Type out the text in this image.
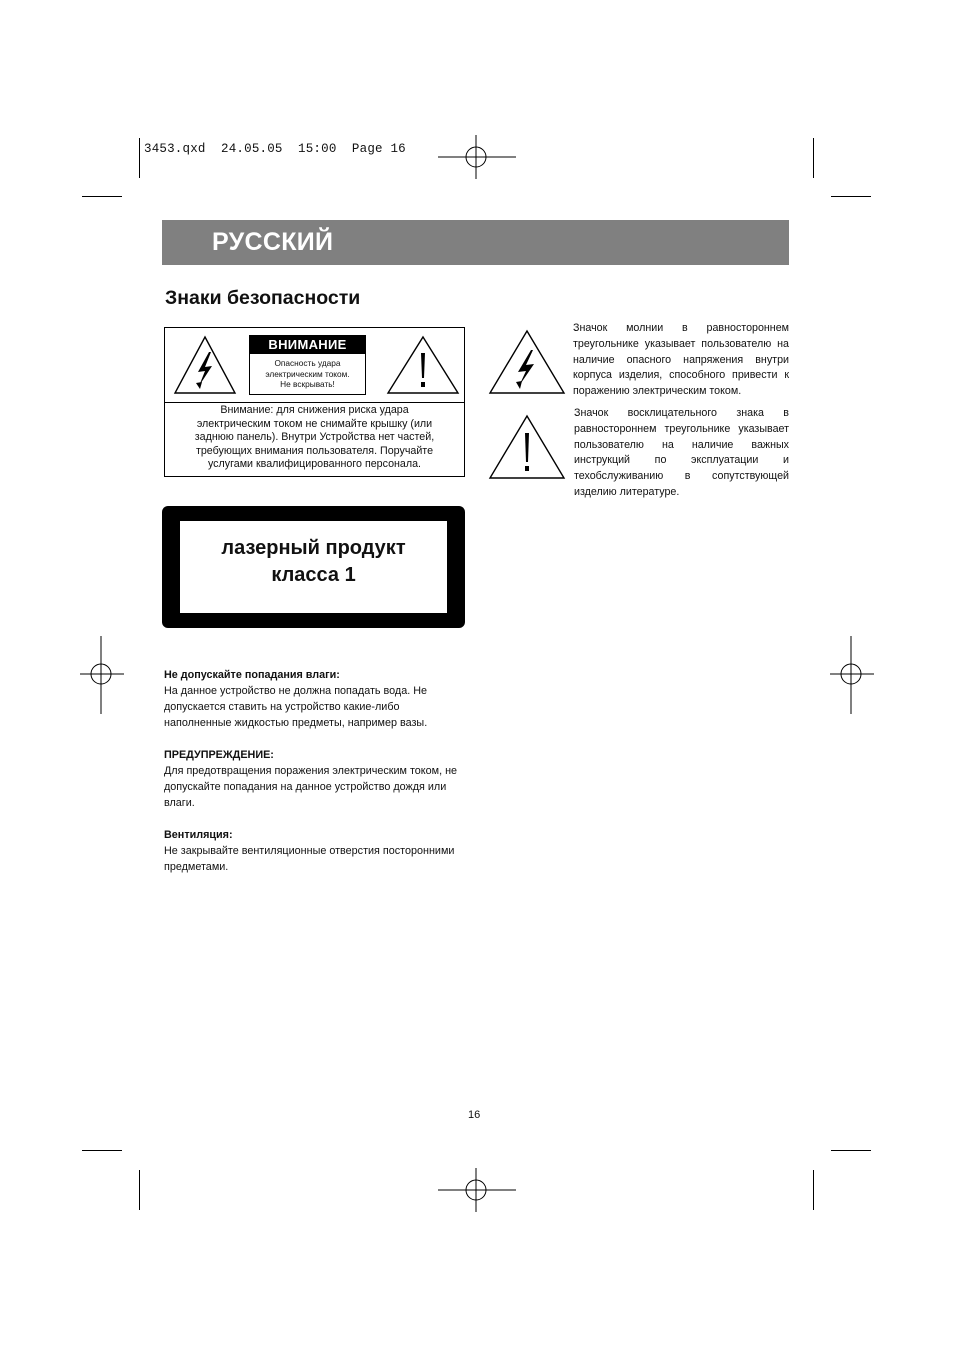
3453.qxd  24.05.05  15:00  Page 16
РУССКИЙ
Знаки безопасности
ВНИМАНИЕ
Опасность удара
электрическим током.
Не вскрывать!
Внимание: для снижения риска удара
электрическим током не снимайте крышку (или
заднюю панель). Внутри Устройства нет частей,
требующих внимания пользователя. Поручайте
услугами квалифицированного персонала.
лазерный продукт
класса 1
Значок молнии в равностороннем треугольнике указывает пользователю на наличие опасного напряжения внутри корпуса изделия, способного привести к поражению электрическим током.
Значок восклицательного знака в равностороннем треугольнике указывает пользователю на наличие важных инструкций по эксплуатации и техобслуживанию в сопутствующей изделию литературе.
Не допускайте попадания влаги:
На данное устройство не должна попадать вода. Не допускается ставить на устройство какие-либо наполненные жидкостью предметы, например вазы.
ПРЕДУПРЕЖДЕНИЕ:
Для предотвращения поражения электрическим током, не допускайте попадания на данное устройство дождя или влаги.
Вентиляция:
Не закрывайте вентиляционные отверстия посторонними предметами.
16
